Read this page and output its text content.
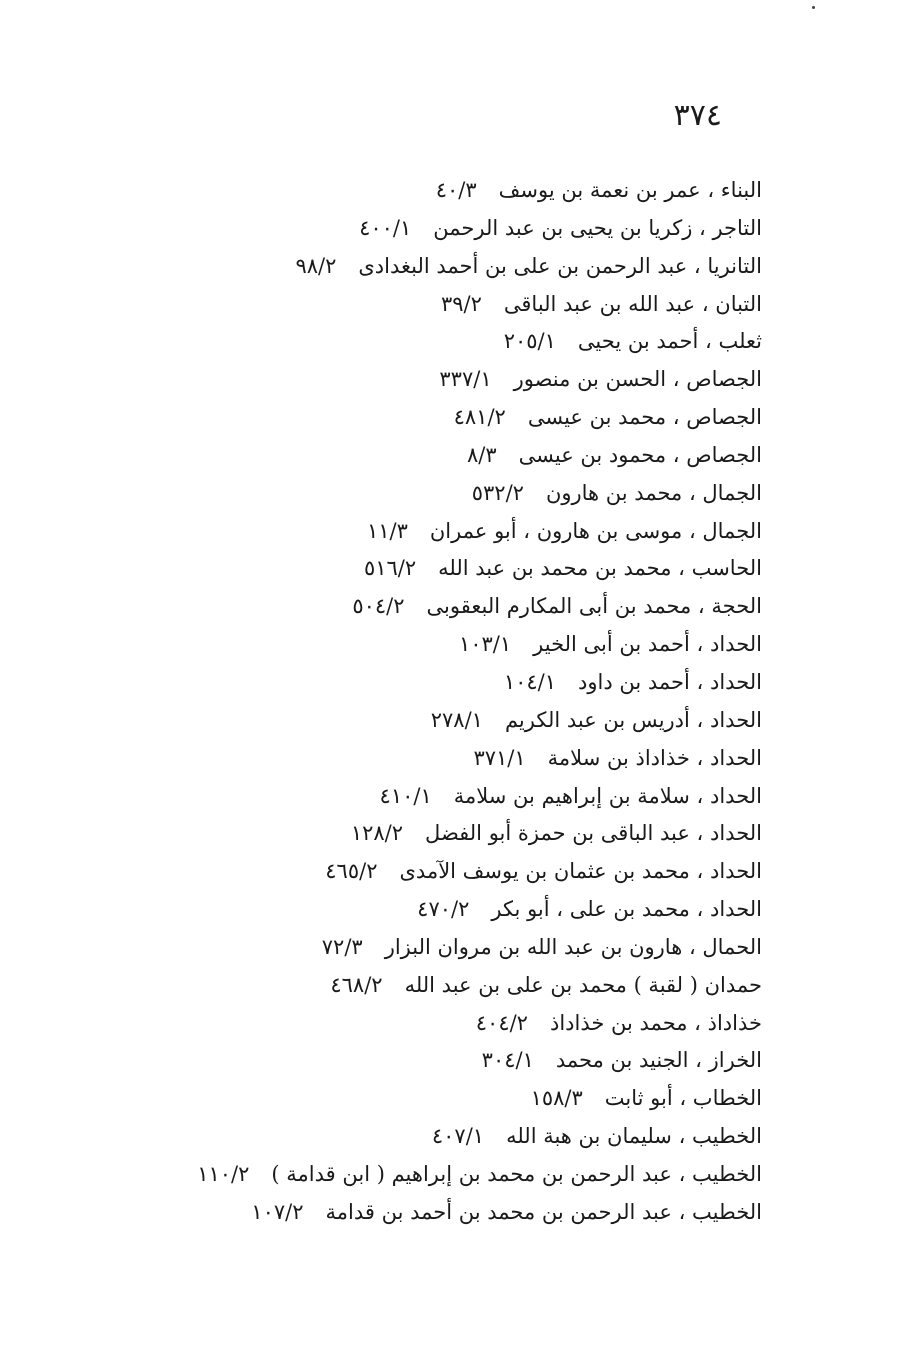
٣٧٤
البناء ، عمر بن نعمة بن يوسف٤٠/٣
التاجر ، زكريا بن يحيى بن عبد الرحمن٤٠٠/١
التانريا ، عبد الرحمن بن على بن أحمد البغدادى٩٨/٢
التبان ، عبد الله بن عبد الباقى٣٩/٢
ثعلب ، أحمد بن يحيى٢٠٥/١
الجصاص ، الحسن بن منصور٣٣٧/١
الجصاص ، محمد بن عيسى٤٨١/٢
الجصاص ، محمود بن عيسى٨/٣
الجمال ، محمد بن هارون٥٣٢/٢
الجمال ، موسى بن هارون ، أبو عمران١١/٣
الحاسب ، محمد بن محمد بن عبد الله٥١٦/٢
الحجة ، محمد بن أبى المكارم البعقوبى٥٠٤/٢
الحداد ، أحمد بن أبى الخير١٠٣/١
الحداد ، أحمد بن داود١٠٤/١
الحداد ، أدريس بن عبد الكريم٢٧٨/١
الحداد ، خذاداذ بن سلامة٣٧١/١
الحداد ، سلامة بن إبراهيم بن سلامة٤١٠/١
الحداد ، عبد الباقى بن حمزة أبو الفضل١٢٨/٢
الحداد ، محمد بن عثمان بن يوسف الآمدى٤٦٥/٢
الحداد ، محمد بن على ، أبو بكر٤٧٠/٢
الحمال ، هارون بن عبد الله بن مروان البزار٧٢/٣
حمدان ( لقبة ) محمد بن على بن عبد الله٤٦٨/٢
خذاداذ ، محمد بن خذاداذ٤٠٤/٢
الخراز ، الجنيد بن محمد٣٠٤/١
الخطاب ، أبو ثابت١٥٨/٣
الخطيب ، سليمان بن هبة الله٤٠٧/١
الخطيب ، عبد الرحمن بن محمد بن إبراهيم ( ابن قدامة )١١٠/٢
الخطيب ، عبد الرحمن بن محمد بن أحمد بن قدامة١٠٧/٢
